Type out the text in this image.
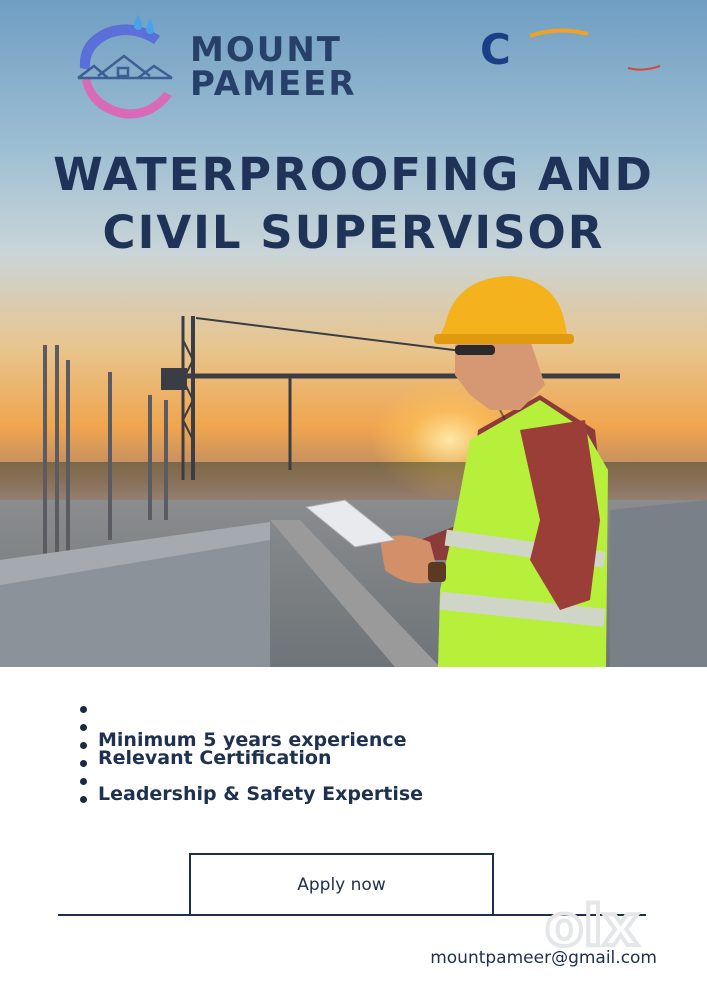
MOUNT
PAMEER
C
WATERPROOFING AND
CIVIL SUPERVISOR
Minimum 5 years experience
Relevant Certification
Leadership & Safety Expertise
Apply now
olx

mountpameer@gmail.com
